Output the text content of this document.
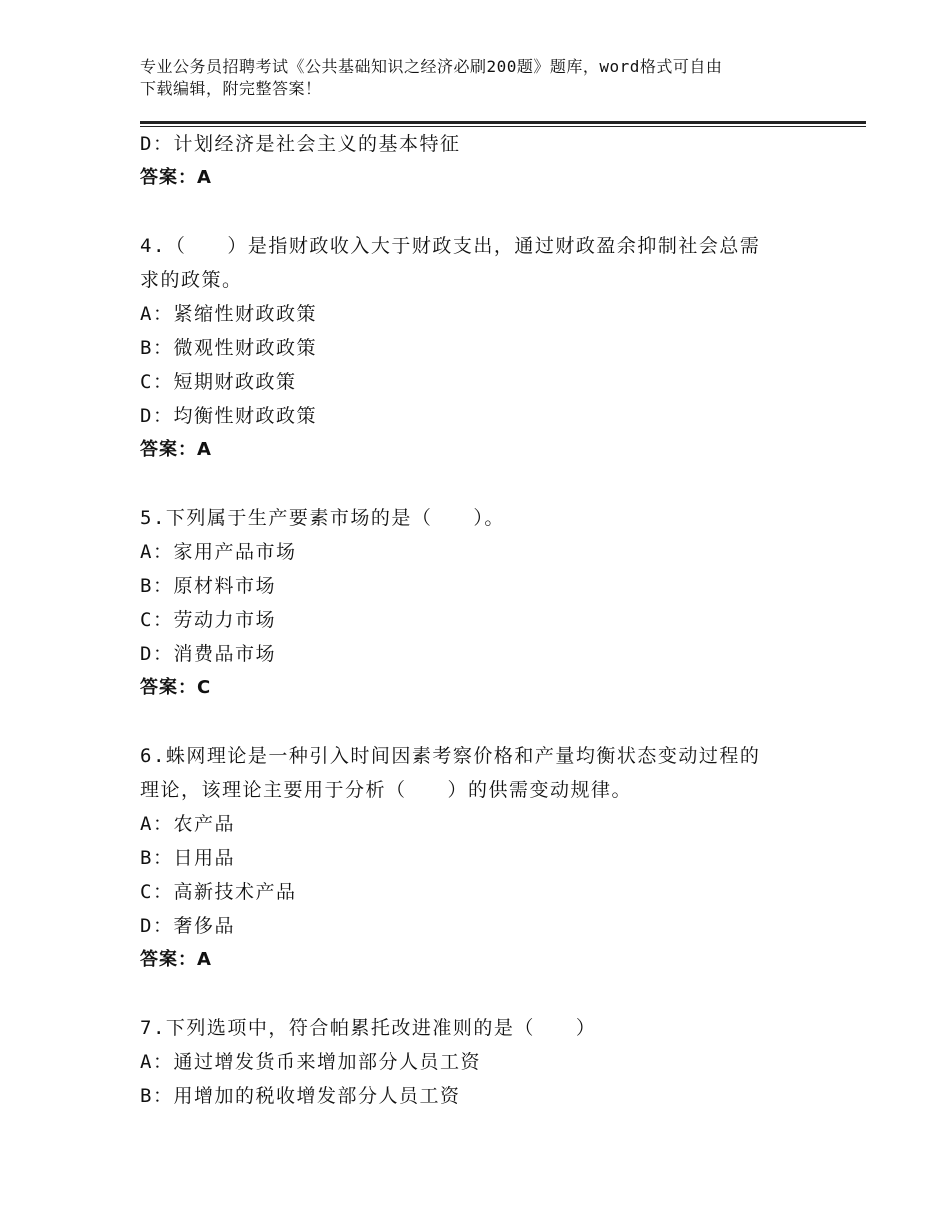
专业公务员招聘考试《公共基础知识之经济必刷200题》题库，word格式可自由
下载编辑，附完整答案！
D：计划经济是社会主义的基本特征
答案：A
4.（　　）是指财政收入大于财政支出，通过财政盈余抑制社会总需
求的政策。
A：紧缩性财政政策
B：微观性财政政策
C：短期财政政策
D：均衡性财政政策
答案：A
5.下列属于生产要素市场的是（　　）。
A：家用产品市场
B：原材料市场
C：劳动力市场
D：消费品市场
答案：C
6.蛛网理论是一种引入时间因素考察价格和产量均衡状态变动过程的
理论，该理论主要用于分析（　　）的供需变动规律。
A：农产品
B：日用品
C：高新技术产品
D：奢侈品
答案：A
7.下列选项中，符合帕累托改进准则的是（　　）
A：通过增发货币来增加部分人员工资
B：用增加的税收增发部分人员工资
